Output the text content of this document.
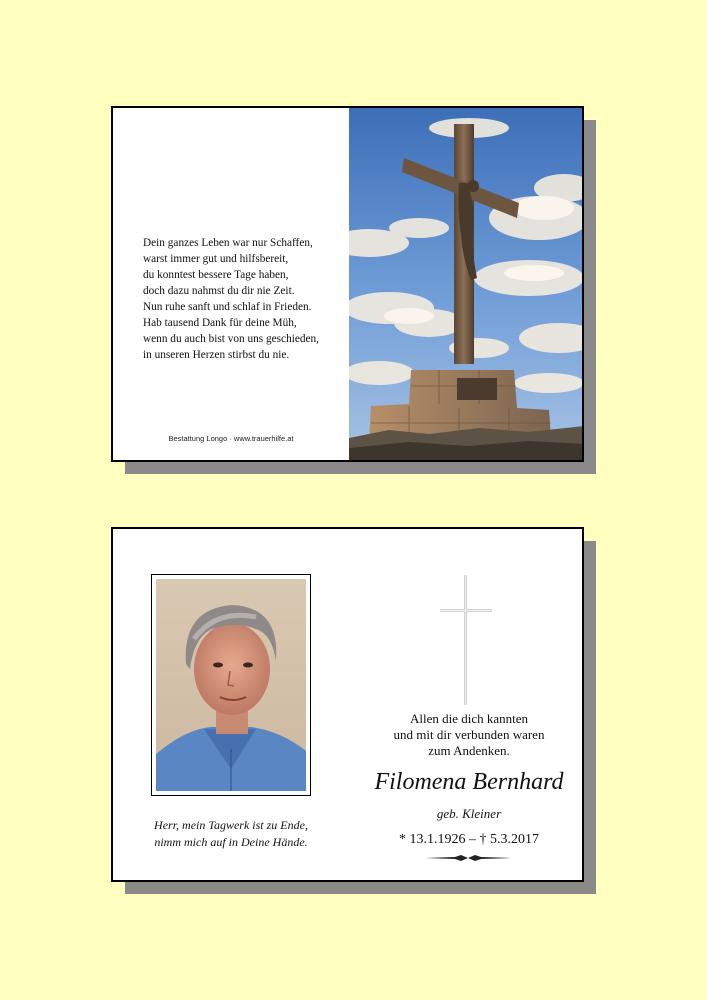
Dein ganzes Leben war nur Schaffen,
warst immer gut und hilfsbereit,
du konntest bessere Tage haben,
doch dazu nahmst du dir nie Zeit.
Nun ruhe sanft und schlaf in Frieden.
Hab tausend Dank für deine Müh,
wenn du auch bist von uns geschieden,
in unseren Herzen stirbst du nie.
Bestattung Longo · www.trauerhilfe.at
Herr, mein Tagwerk ist zu Ende,
nimm mich auf in Deine Hände.
Allen die dich kannten
und mit dir verbunden waren
zum Andenken.
Filomena Bernhard
geb. Kleiner
* 13.1.1926 – † 5.3.2017
